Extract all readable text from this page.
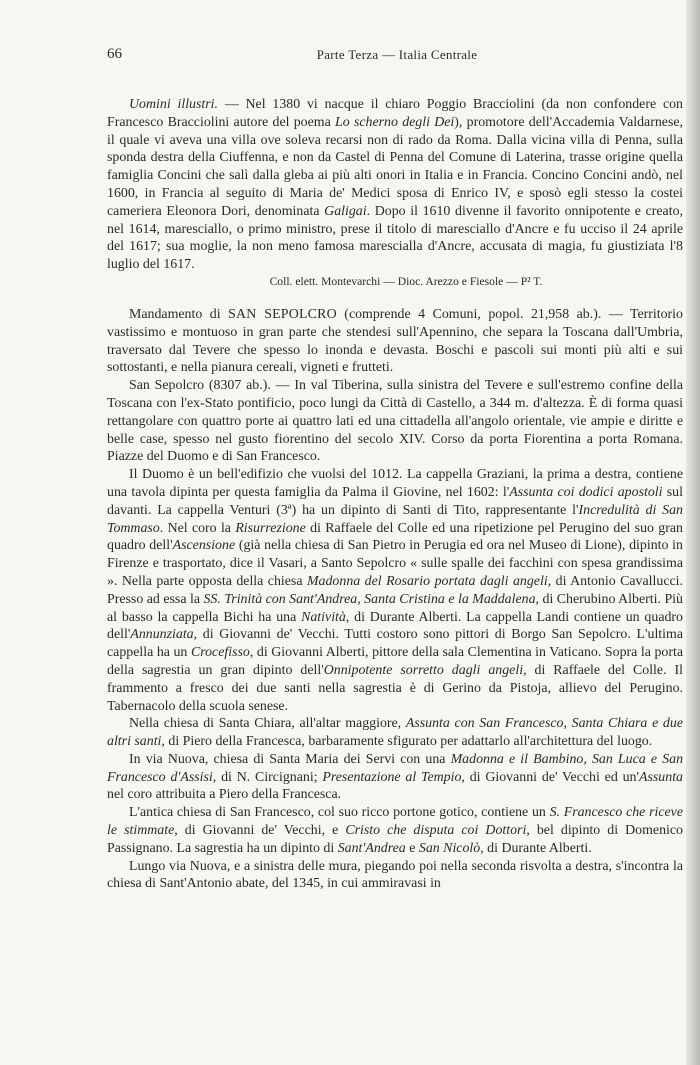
66	Parte Terza — Italia Centrale

Uomini illustri. — Nel 1380 vi nacque il chiaro Poggio Bracciolini (da non confondere con Francesco Bracciolini autore del poema Lo scherno degli Dei), promotore dell'Accademia Valdarnese, il quale vi aveva una villa ove soleva recarsi non di rado da Roma. Dalla vicina villa di Penna, sulla sponda destra della Ciuffenna, e non da Castel di Penna del Comune di Laterina, trasse origine quella famiglia Concini che salì dalla gleba ai più alti onori in Italia e in Francia. Concino Concini andò, nel 1600, in Francia al seguito di Maria de' Medici sposa di Enrico IV, e sposò egli stesso la costei cameriera Eleonora Dori, denominata Galigai. Dopo il 1610 divenne il favorito onnipotente e creato, nel 1614, maresciallo, o primo ministro, prese il titolo di maresciallo d'Ancre e fu ucciso il 24 aprile del 1617; sua moglie, la non meno famosa marescialla d'Ancre, accusata di magia, fu giustiziata l'8 luglio del 1617.

Coll. elett. Montevarchi — Dioc. Arezzo e Fiesole — P² T.

Mandamento di SAN SEPOLCRO (comprende 4 Comuni, popol. 21,958 ab.). — Territorio vastissimo e montuoso in gran parte che stendesi sull'Apennino, che separa la Toscana dall'Umbria, traversato dal Tevere che spesso lo inonda e devasta. Boschi e pascoli sui monti più alti e sui sottostanti, e nella pianura cereali, vigneti e frutteti.

San Sepolcro (8307 ab.). — In val Tiberina, sulla sinistra del Tevere e sull'estremo confine della Toscana con l'ex-Stato pontificio, poco lungi da Città di Castello, a 344 m. d'altezza. È di forma quasi rettangolare con quattro porte ai quattro lati ed una cittadella all'angolo orientale, vie ampie e diritte e belle case, spesso nel gusto fiorentino del secolo XIV. Corso da porta Fiorentina a porta Romana. Piazze del Duomo e di San Francesco.

Il Duomo è un bell'edifizio che vuolsi del 1012. La cappella Graziani, la prima a destra, contiene una tavola dipinta per questa famiglia da Palma il Giovine, nel 1602: l'Assunta coi dodici apostoli sul davanti. La cappella Venturi (3ª) ha un dipinto di Santi di Tito, rappresentante l'Incredulità di San Tommaso. Nel coro la Risurrezione di Raffaele del Colle ed una ripetizione pel Perugino del suo gran quadro dell'Ascensione (già nella chiesa di San Pietro in Perugia ed ora nel Museo di Lione), dipinto in Firenze e trasportato, dice il Vasari, a Santo Sepolcro « sulle spalle dei facchini con spesa grandissima ». Nella parte opposta della chiesa Madonna del Rosario portata dagli angeli, di Antonio Cavallucci. Presso ad essa la SS. Trinità con Sant'Andrea, Santa Cristina e la Maddalena, di Cherubino Alberti. Più al basso la cappella Bichi ha una Natività, di Durante Alberti. La cappella Landi contiene un quadro dell'Annunziata, di Giovanni de' Vecchi. Tutti costoro sono pittori di Borgo San Sepolcro. L'ultima cappella ha un Crocefisso, di Giovanni Alberti, pittore della sala Clementina in Vaticano. Sopra la porta della sagrestia un gran dipinto dell'Onnipotente sorretto dagli angeli, di Raffaele del Colle. Il frammento a fresco dei due santi nella sagrestia è di Gerino da Pistoja, allievo del Perugino. Tabernacolo della scuola senese.

Nella chiesa di Santa Chiara, all'altar maggiore, Assunta con San Francesco, Santa Chiara e due altri santi, di Piero della Francesca, barbaramente sfigurato per adattarlo all'architettura del luogo.

In via Nuova, chiesa di Santa Maria dei Servi con una Madonna e il Bambino, San Luca e San Francesco d'Assisi, di N. Circignani; Presentazione al Tempio, di Giovanni de' Vecchi ed un'Assunta nel coro attribuita a Piero della Francesca.

L'antica chiesa di San Francesco, col suo ricco portone gotico, contiene un S. Francesco che riceve le stimmate, di Giovanni de' Vecchi, e Cristo che disputa coi Dottori, bel dipinto di Domenico Passignano. La sagrestia ha un dipinto di Sant'Andrea e San Nicolò, di Durante Alberti.

Lungo via Nuova, e a sinistra delle mura, piegando poi nella seconda risvolta a destra, s'incontra la chiesa di Sant'Antonio abate, del 1345, in cui ammiravasi in
